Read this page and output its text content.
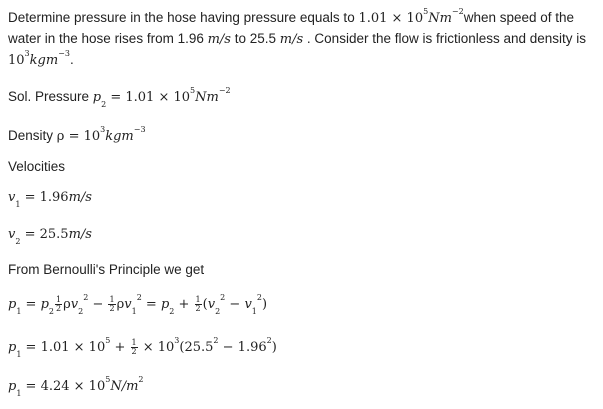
Determine pressure in the hose having pressure equals to $1.01 \times 10^5Nm^{-2}when$ speed of the water in the hose rises from 1.96 m/s to 25.5 m/s . Consider the flow is frictionless and density is $10^3kgm^{-3}$.
Sol. Pressure $p_2 = 1.01 \times 10^5Nm^{-2}$
Density $\rho = 10^3kgm^{-3}$
Velocities
$v_1 = 1.96m/s$
$v_2 = 25.5m/s$
From Bernoulli's Principle we get
$p_1 = p_2 \frac{1}{2} \rho v_2^2 - \frac{1}{2} \rho v_1^2 = p_2 + \frac{1}{2} (v_2^2 - v_1^2)$
$p_1 = 1.01 \times 10^5 + \frac{1}{2} \times 10^3(25.5^2 - 1.96^2)$
$p_1 = 4.24 \times 10^5N/m^2$
